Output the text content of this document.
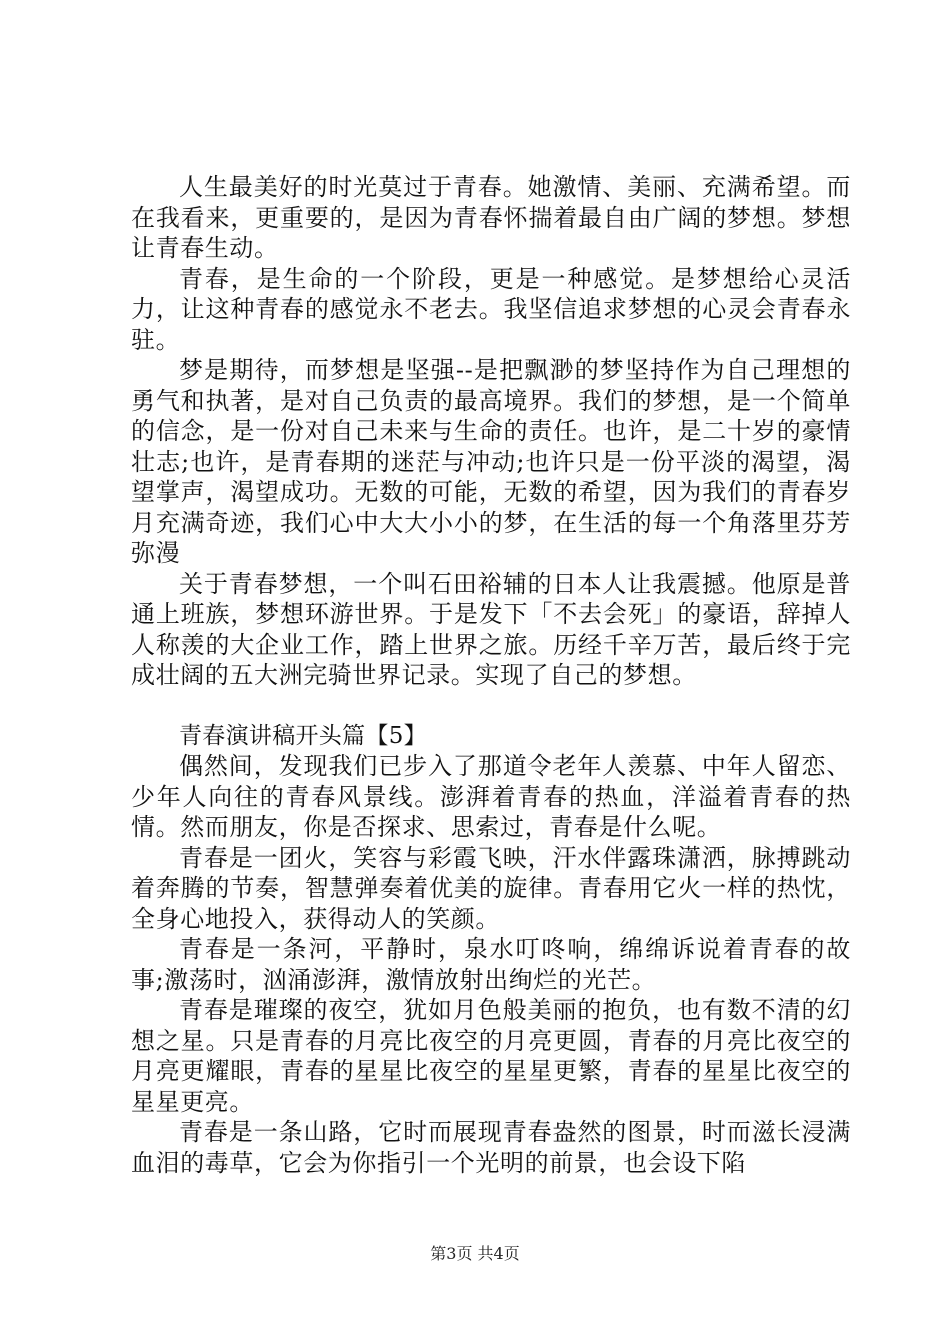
人生最美好的时光莫过于青春。她激情、美丽、充满希望。而在我看来，更重要的，是因为青春怀揣着最自由广阔的梦想。梦想让青春生动。

青春，是生命的一个阶段，更是一种感觉。是梦想给心灵活力，让这种青春的感觉永不老去。我坚信追求梦想的心灵会青春永驻。

梦是期待，而梦想是坚强--是把飘渺的梦坚持作为自己理想的勇气和执著，是对自己负责的最高境界。我们的梦想，是一个简单的信念，是一份对自己未来与生命的责任。也许，是二十岁的豪情壮志;也许，是青春期的迷茫与冲动;也许只是一份平淡的渴望，渴望掌声，渴望成功。无数的可能，无数的希望，因为我们的青春岁月充满奇迹，我们心中大大小小的梦，在生活的每一个角落里芬芳弥漫

关于青春梦想，一个叫石田裕辅的日本人让我震撼。他原是普通上班族，梦想环游世界。于是发下「不去会死」的豪语，辞掉人人称羡的大企业工作，踏上世界之旅。历经千辛万苦，最后终于完成壮阔的五大洲完骑世界记录。实现了自己的梦想。

青春演讲稿开头篇【5】

偶然间，发现我们已步入了那道令老年人羡慕、中年人留恋、少年人向往的青春风景线。澎湃着青春的热血，洋溢着青春的热情。然而朋友，你是否探求、思索过，青春是什么呢。

青春是一团火，笑容与彩霞飞映，汗水伴露珠潇洒，脉搏跳动着奔腾的节奏，智慧弹奏着优美的旋律。青春用它火一样的热忱，全身心地投入，获得动人的笑颜。

青春是一条河，平静时，泉水叮咚响，绵绵诉说着青春的故事;激荡时，汹涌澎湃，激情放射出绚烂的光芒。

青春是璀璨的夜空，犹如月色般美丽的抱负，也有数不清的幻想之星。只是青春的月亮比夜空的月亮更圆，青春的月亮比夜空的月亮更耀眼，青春的星星比夜空的星星更繁，青春的星星比夜空的星星更亮。

青春是一条山路，它时而展现青春盎然的图景，时而滋长浸满血泪的毒草，它会为你指引一个光明的前景，也会设下陷

第3页 共4页
